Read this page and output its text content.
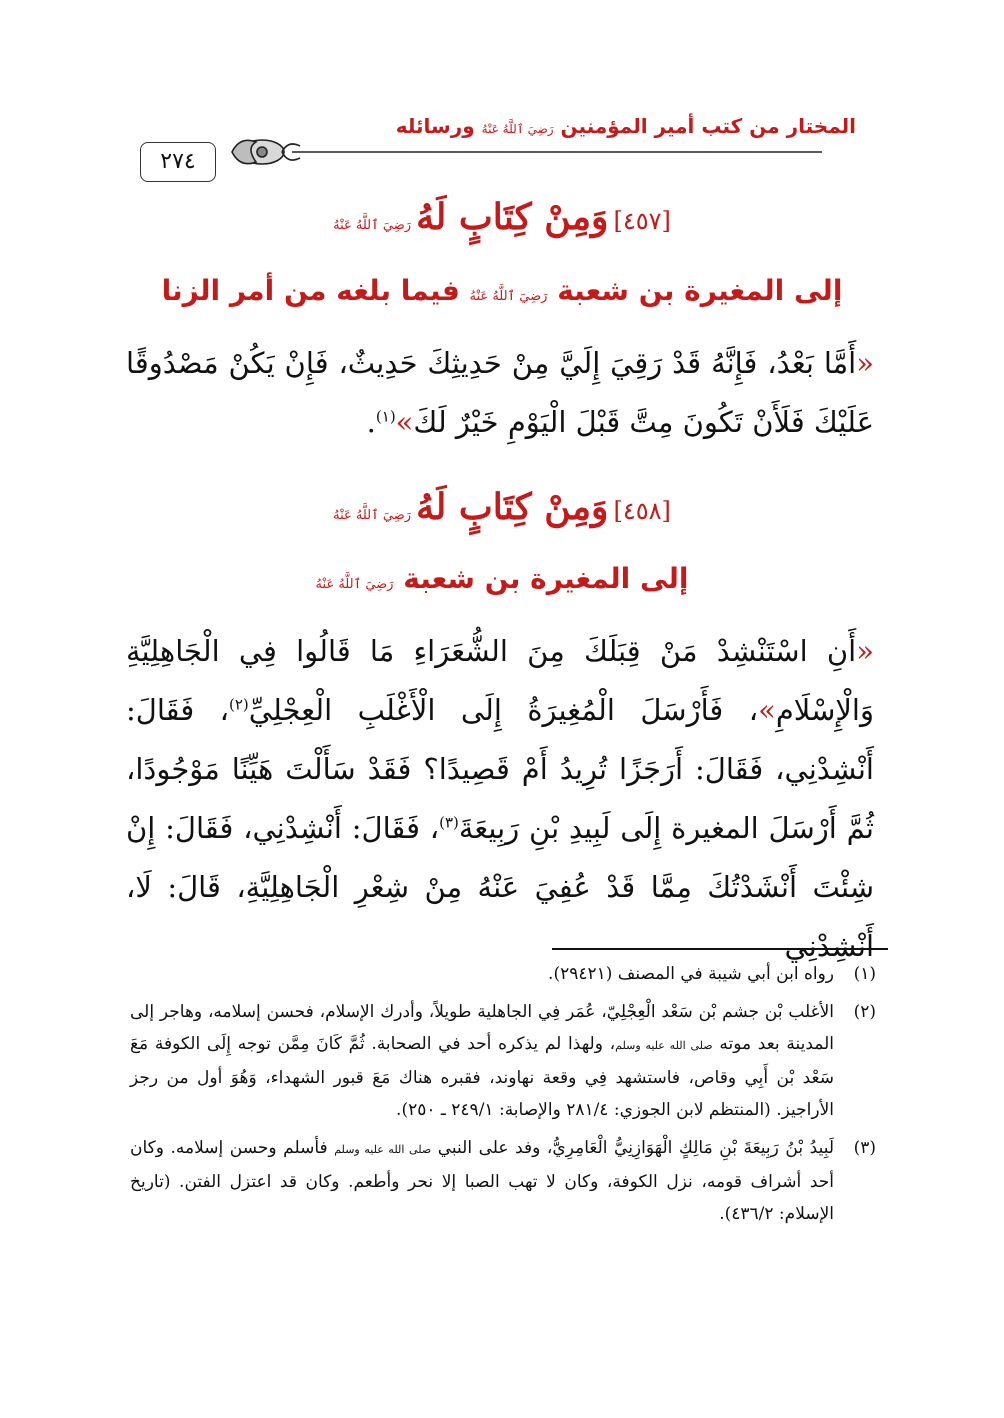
٢٧٤
المختار من كتب أمير المؤمنين رَضِيَ ٱللَّهُ عَنْهُ ورسائله
[٤٥٧] وَمِنْ كِتَابٍ لَهُ رَضِيَ ٱللَّهُ عَنْهُ
إلى المغيرة بن شعبة رَضِيَ ٱللَّهُ عَنْهُ فيما بلغه من أمر الزنا
«أَمَّا بَعْدُ، فَإِنَّهُ قَدْ رَقِيَ إِلَيَّ مِنْ حَدِيثِكَ حَدِيثٌ، فَإِنْ يَكُنْ مَصْدُوقًا عَلَيْكَ فَلَأَنْ تَكُونَ مِتَّ قَبْلَ الْيَوْمِ خَيْرٌ لَكَ»$^{(١)}$.
[٤٥٨] وَمِنْ كِتَابٍ لَهُ رَضِيَ ٱللَّهُ عَنْهُ
إلى المغيرة بن شعبة رَضِيَ ٱللَّهُ عَنْهُ
«أَنِ اسْتَنْشِدْ مَنْ قِبَلَكَ مِنَ الشُّعَرَاءِ مَا قَالُوا فِي الْجَاهِلِيَّةِ وَالْإِسْلَامِ»، فَأَرْسَلَ الْمُغِيرَةُ إِلَى الْأَغْلَبِ الْعِجْلِيِّ$^{(٢)}$، فَقَالَ: أَنْشِدْنِي، فَقَالَ: أَرَجَزًا تُرِيدُ أَمْ قَصِيدًا؟ فَقَدْ سَأَلْتَ هَيِّنًا مَوْجُودًا، ثُمَّ أَرْسَلَ المغيرة إِلَى لَبِيدِ بْنِ رَبِيعَةَ$^{(٣)}$، فَقَالَ: أَنْشِدْنِي، فَقَالَ: إِنْ شِئْتَ أَنْشَدْتُكَ مِمَّا قَدْ عُفِيَ عَنْهُ مِنْ شِعْرِ الْجَاهِلِيَّةِ، قَالَ: لَا، أَنْشِدْنِي
(١)
رواه ابن أبي شيبة في المصنف (٢٩٤٢١).
(٢)
الأغلب بْن جشم بْن سَعْد الْعِجْلِيّ، عُمَر فِي الجاهلية طويلاً، وأدرك الإسلام، فحسن إسلامه، وهاجر إلى المدينة بعد موته صلى الله عليه وسلم، ولهذا لم يذكره أحد في الصحابة. ثُمَّ كَانَ مِمَّن توجه إِلَى الكوفة مَعَ سَعْد بْن أَبِي وقاص، فاستشهد فِي وقعة نهاوند، فقبره هناك مَعَ قبور الشهداء، وَهُوَ أول من رجز الأراجيز. (المنتظم لابن الجوزي: ٢٨١/٤ والإصابة: ٢٤٩/١ ـ ٢٥٠).
(٣)
لَبِيدُ بْنُ رَبِيعَةَ بْنِ مَالِكٍ الْهَوَازِنِيُّ الْعَامِرِيُّ، وفد على النبي صلى الله عليه وسلم فأسلم وحسن إسلامه. وكان أحد أشراف قومه، نزل الكوفة، وكان لا تهب الصبا إلا نحر وأطعم. وكان قد اعتزل الفتن. (تاريخ الإسلام: ٤٣٦/٢).
